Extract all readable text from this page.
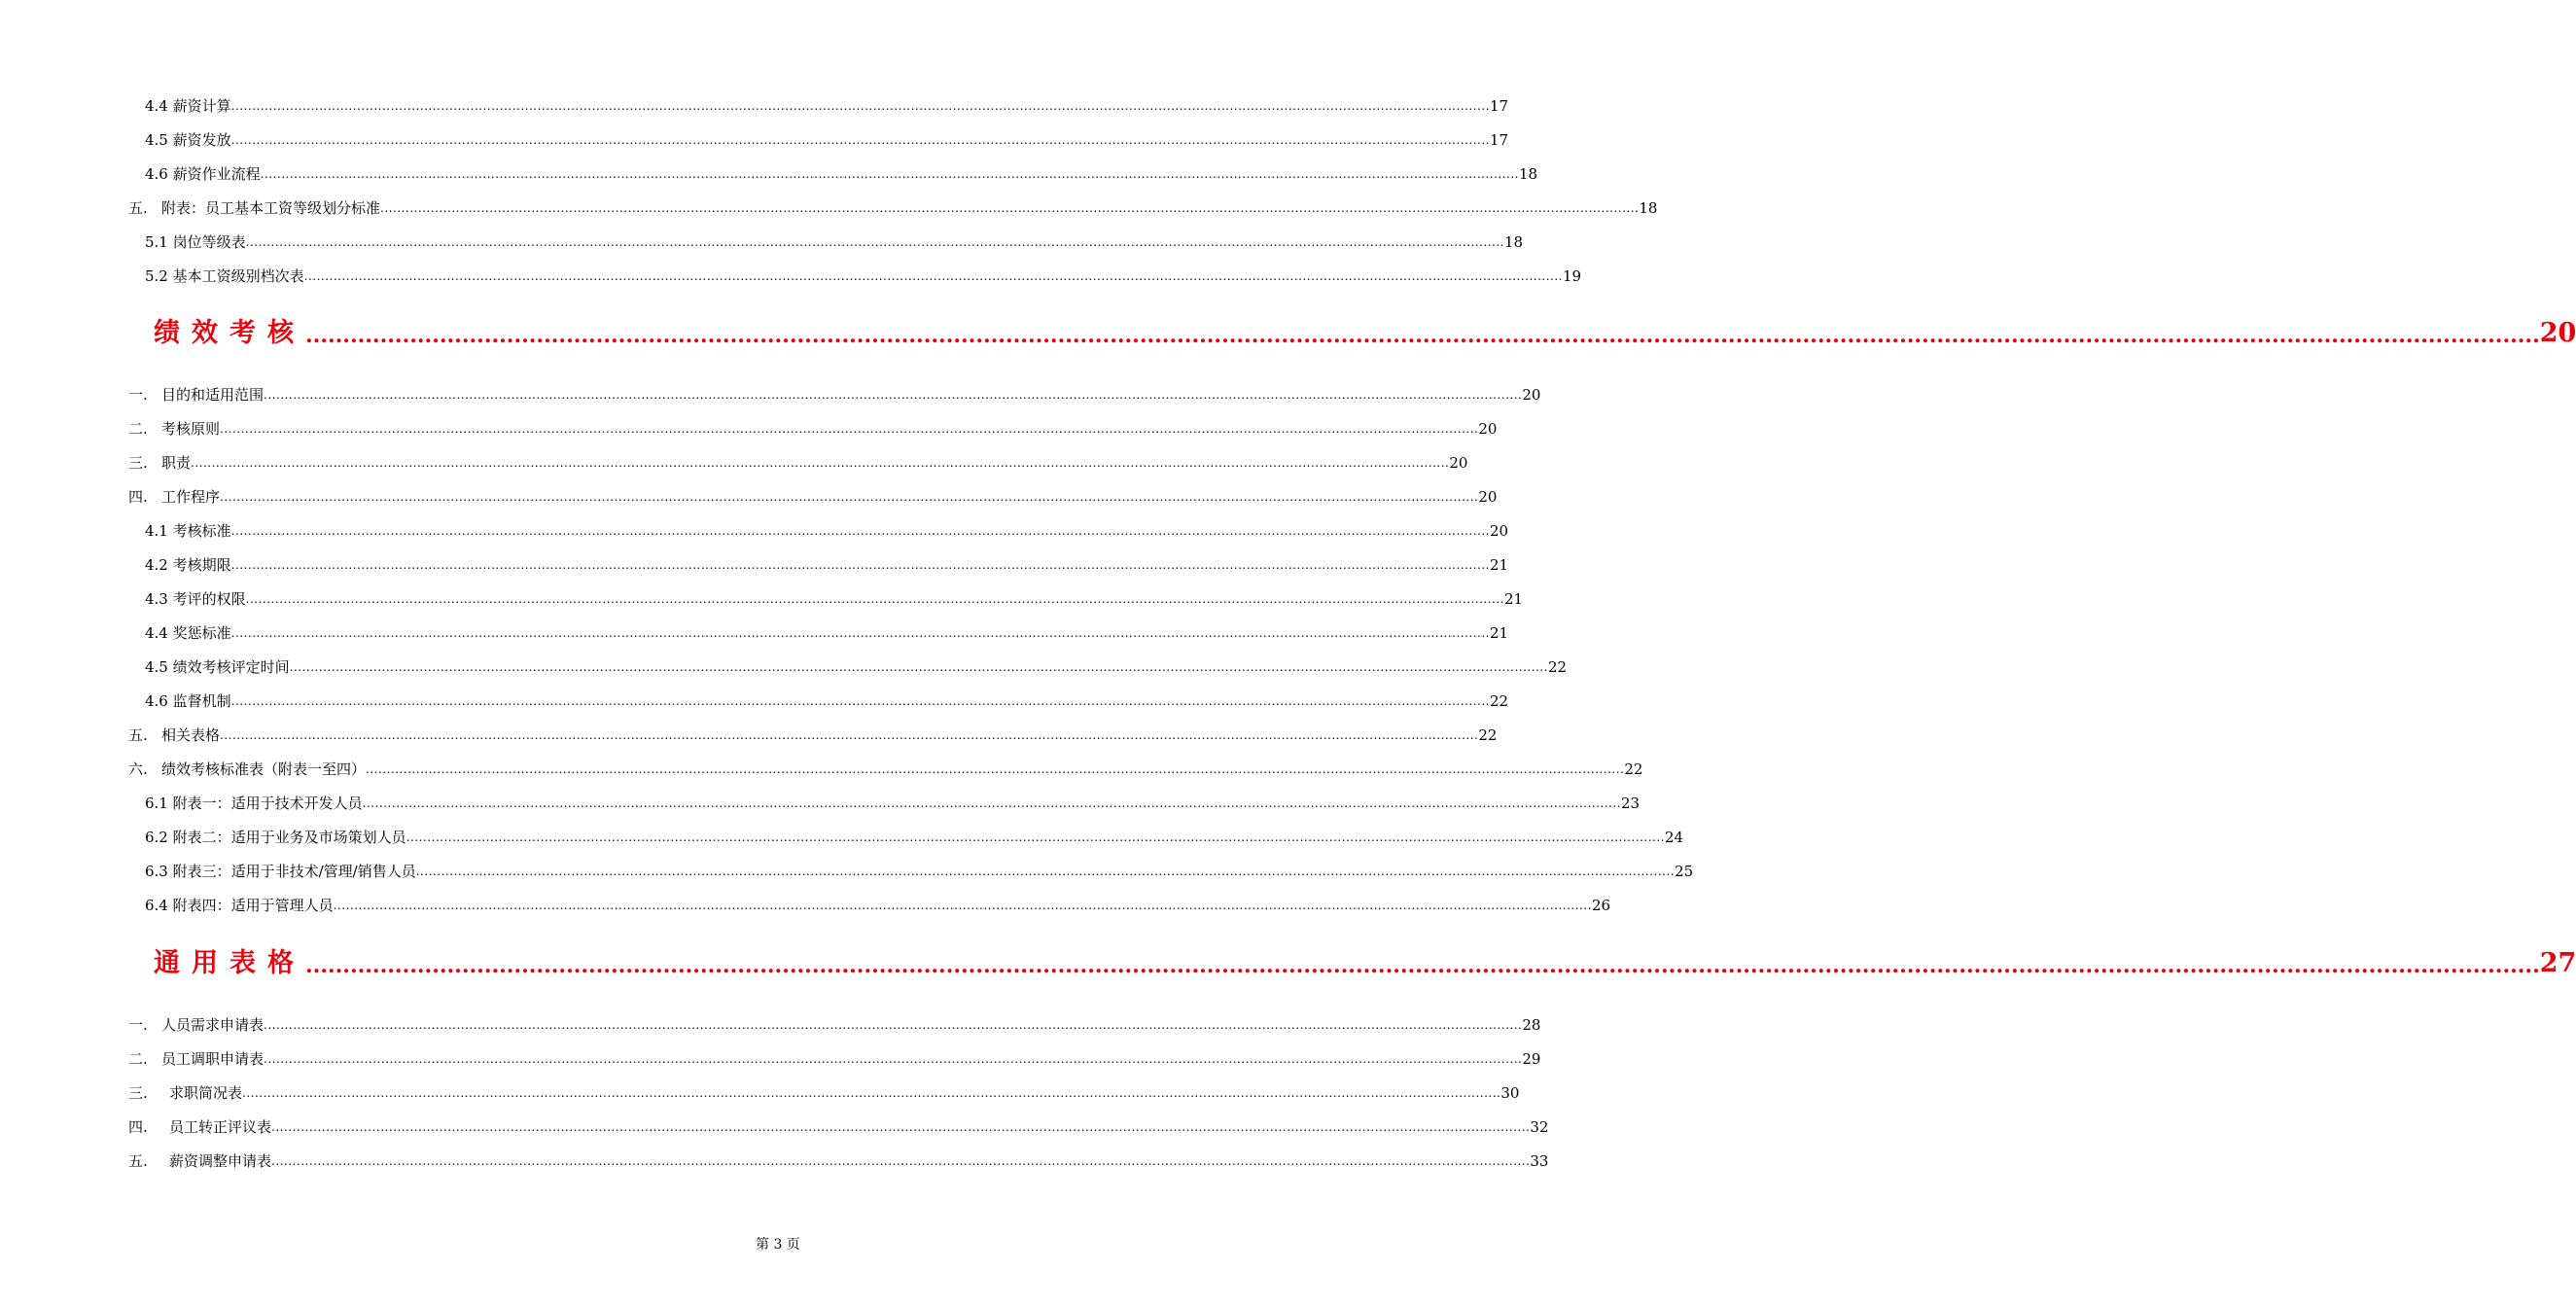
4.4 薪资计算 ............................................................................................................................................................................................................................................................................................................ 17
4.5 薪资发放 ............................................................................................................................................................................................................................................................................................................ 17
4.6 薪资作业流程 ............................................................................................................................................................................................................................................................................................................ 18
五. 附表：员工基本工资等级划分标准 ............................................................................................................................................................................................................................................................................................................ 18
5.1 岗位等级表 ............................................................................................................................................................................................................................................................................................................ 18
5.2 基本工资级别档次表 ............................................................................................................................................................................................................................................................................................................ 19
绩效考核 ............................................................................................................................................................................................................................................................................................................ 20
一. 目的和适用范围 ............................................................................................................................................................................................................................................................................................................ 20
二. 考核原则 ............................................................................................................................................................................................................................................................................................................ 20
三. 职责 ............................................................................................................................................................................................................................................................................................................ 20
四. 工作程序 ............................................................................................................................................................................................................................................................................................................ 20
4.1 考核标准 ............................................................................................................................................................................................................................................................................................................ 20
4.2 考核期限 ............................................................................................................................................................................................................................................................................................................ 21
4.3 考评的权限 ............................................................................................................................................................................................................................................................................................................ 21
4.4 奖惩标准 ............................................................................................................................................................................................................................................................................................................ 21
4.5 绩效考核评定时间 ............................................................................................................................................................................................................................................................................................................ 22
4.6 监督机制 ............................................................................................................................................................................................................................................................................................................ 22
五. 相关表格 ............................................................................................................................................................................................................................................................................................................ 22
六. 绩效考核标准表（附表一至四） ............................................................................................................................................................................................................................................................................................................ 22
6.1 附表一：适用于技术开发人员 ............................................................................................................................................................................................................................................................................................................ 23
6.2 附表二：适用于业务及市场策划人员 ............................................................................................................................................................................................................................................................................................................ 24
6.3 附表三：适用于非技术/管理/销售人员 ............................................................................................................................................................................................................................................................................................................ 25
6.4 附表四：适用于管理人员 ............................................................................................................................................................................................................................................................................................................ 26
通用表格 ............................................................................................................................................................................................................................................................................................................ 27
一. 人员需求申请表 ............................................................................................................................................................................................................................................................................................................ 28
二. 员工调职申请表 ............................................................................................................................................................................................................................................................................................................ 29
三. 求职简况表 ............................................................................................................................................................................................................................................................................................................ 30
四. 员工转正评议表 ............................................................................................................................................................................................................................................................................................................ 32
五. 薪资调整申请表 ............................................................................................................................................................................................................................................................................................................ 33
第 3 页
